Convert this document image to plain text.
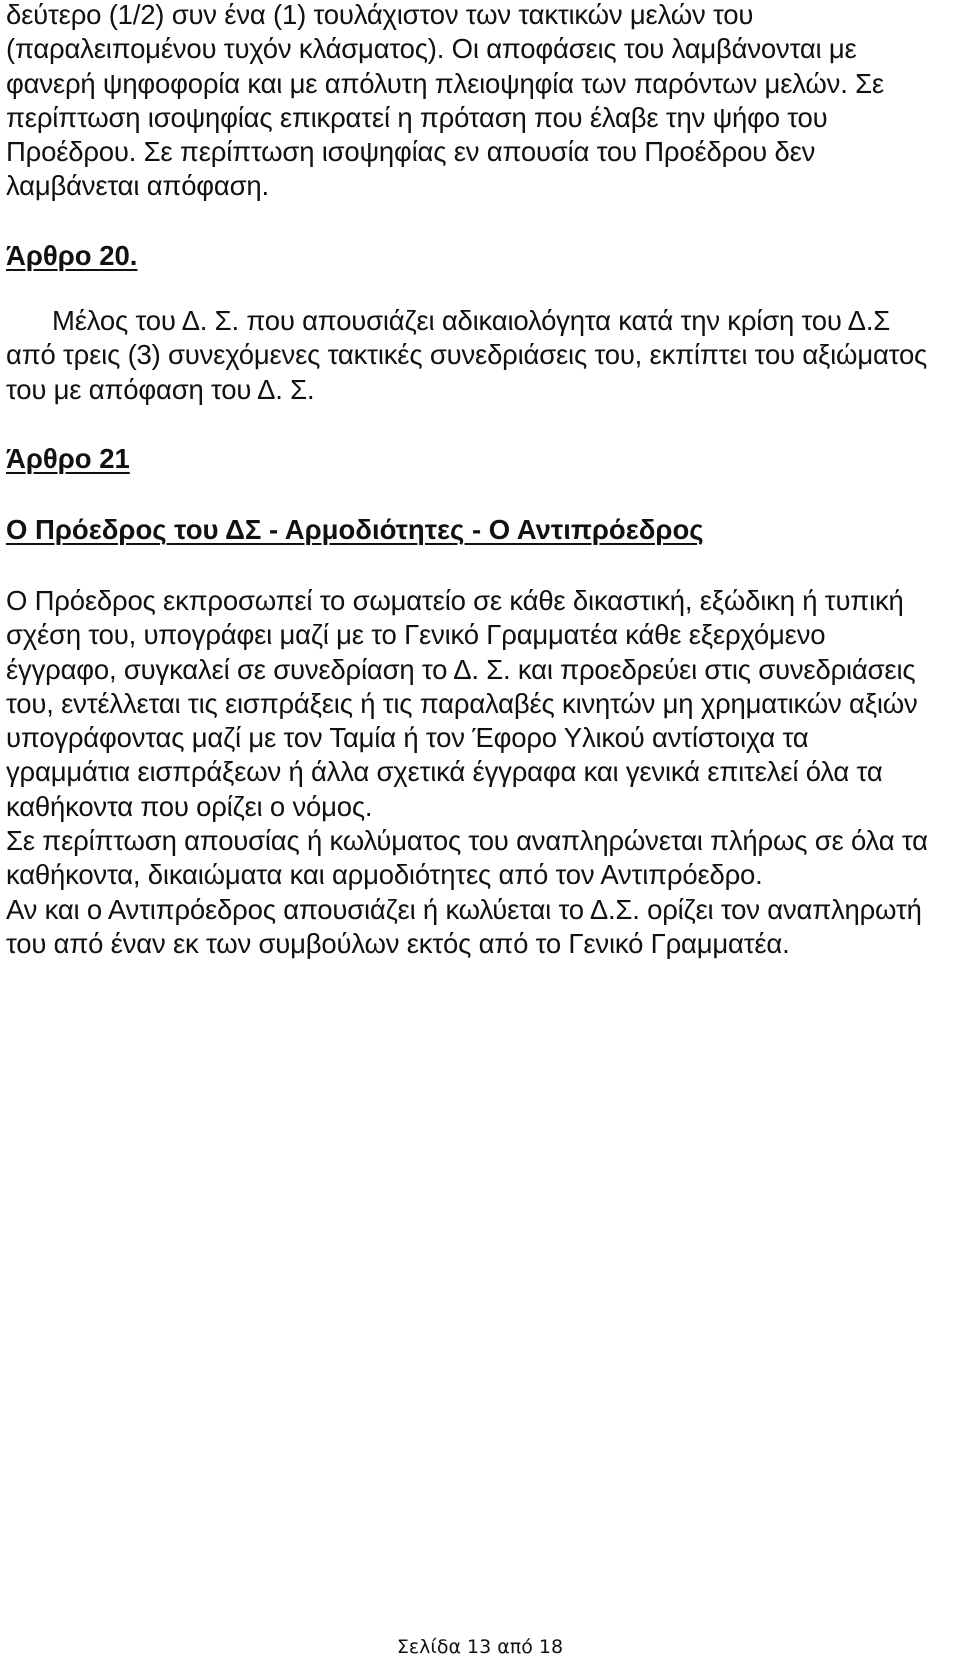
δεύτερο (1/2) συν ένα (1) τουλάχιστον των τακτικών μελών του (παραλειπομένου τυχόν κλάσματος). Οι αποφάσεις του λαμβάνονται με φανερή ψηφοφορία και με απόλυτη πλειοψηφία των παρόντων μελών. Σε περίπτωση ισοψηφίας επικρατεί η πρόταση που έλαβε την ψήφο του Προέδρου. Σε περίπτωση ισοψηφίας εν απουσία του Προέδρου δεν λαμβάνεται απόφαση.

Άρθρο 20.

Μέλος του Δ. Σ. που απουσιάζει αδικαιολόγητα κατά την κρίση του Δ.Σ από τρεις (3) συνεχόμενες τακτικές συνεδριάσεις του, εκπίπτει του αξιώματος του με απόφαση του Δ. Σ.

Άρθρο 21
Ο Πρόεδρος του ΔΣ - Αρμοδιότητες - Ο Αντιπρόεδρος
Ο Πρόεδρος εκπροσωπεί το σωματείο σε κάθε δικαστική, εξώδικη ή τυπική σχέση του, υπογράφει μαζί με το Γενικό Γραμματέα κάθε εξερχόμενο έγγραφο, συγκαλεί σε συνεδρίαση το Δ. Σ. και προεδρεύει στις συνεδριάσεις του, εντέλλεται τις εισπράξεις ή τις παραλαβές κινητών μη χρηματικών αξιών υπογράφοντας μαζί με τον Ταμία ή τον Έφορο Υλικού αντίστοιχα τα γραμμάτια εισπράξεων ή άλλα σχετικά έγγραφα και γενικά επιτελεί όλα τα καθήκοντα που ορίζει ο νόμος.
Σε περίπτωση απουσίας ή κωλύματος του αναπληρώνεται πλήρως σε όλα τα καθήκοντα, δικαιώματα και αρμοδιότητες από τον Αντιπρόεδρο.
Αν και ο Αντιπρόεδρος απουσιάζει ή κωλύεται το Δ.Σ. ορίζει τον αναπληρωτή του από έναν εκ των συμβούλων εκτός από το Γενικό Γραμματέα.
Σελίδα 13 από 18
